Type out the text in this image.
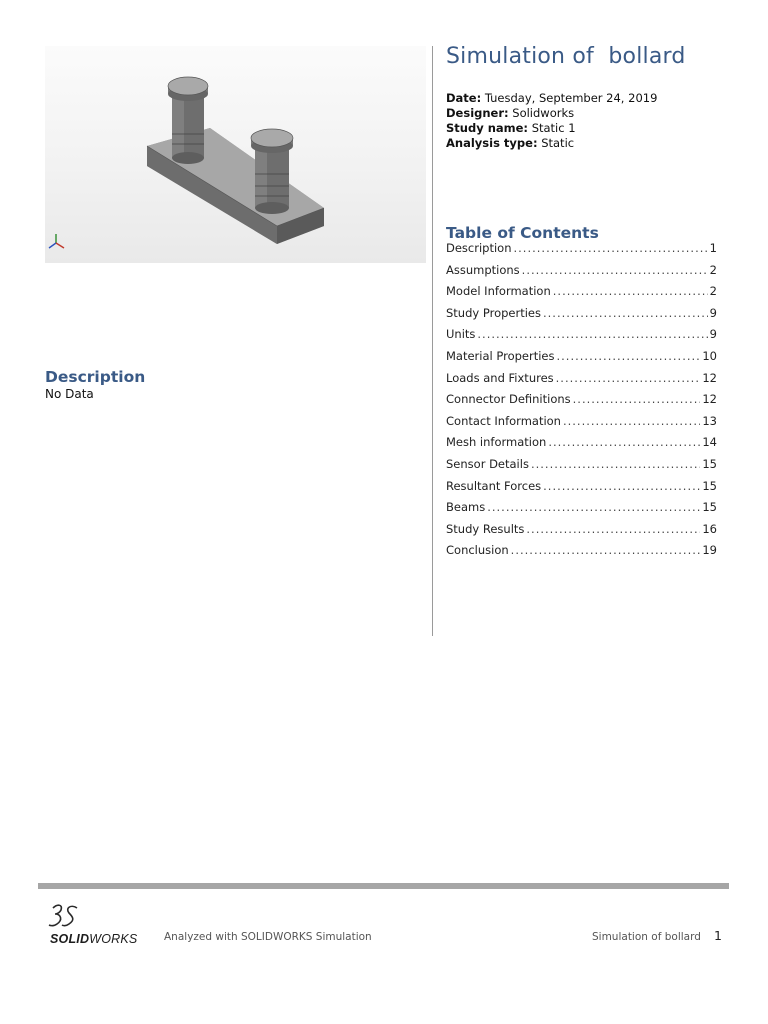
Simulation of  bollard
Date: Tuesday, September 24, 2019
Designer: Solidworks
Study name: Static 1
Analysis type: Static
Table of Contents
Description .....	1
Assumptions .....	2
Model Information .....	2
Study Properties .....	9
Units .....	9
Material Properties .....	10
Loads and Fixtures .....	12
Connector Definitions .....	12
Contact Information .....	13
Mesh information .....	14
Sensor Details .....	15
Resultant Forces .....	15
Beams .....	15
Study Results .....	16
Conclusion .....	19
Description
No Data
SOLIDWORKS	Analyzed with SOLIDWORKS Simulation	Simulation of bollard 1
